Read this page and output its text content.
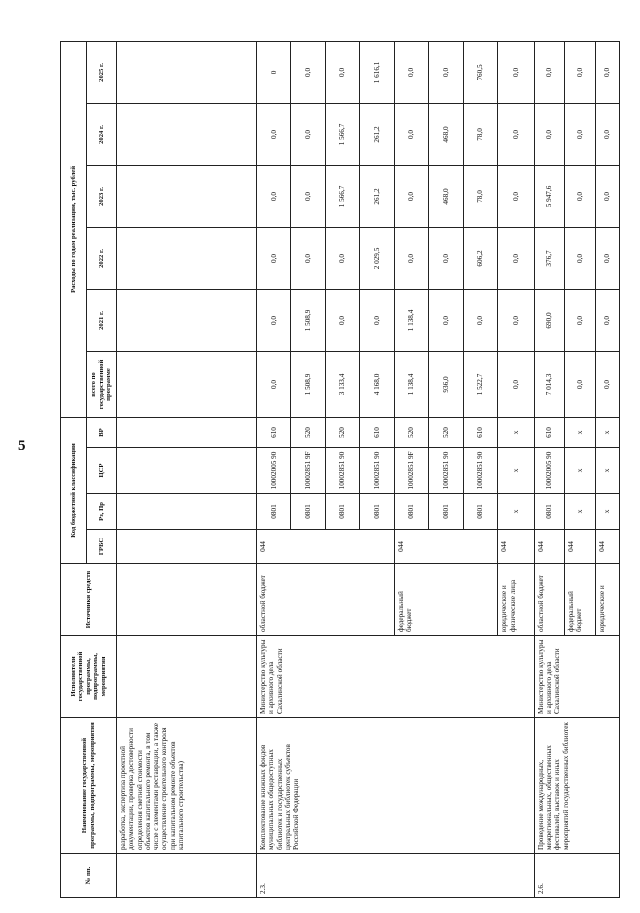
5
№ пп.	Наименование государственной программы, подпрограммы, мероприятия	Исполнители государственной программы, подпрограммы, мероприятия	Источники средств	Код бюджетной классификации				Расходы по годам реализации, тыс. рублей					
				ГРБС	Рз, Пр	ЦСР	ВР	всего по государственной программе	2021 г.	2022 г.	2023 г.	2024 г.	2025 г.
	разработка, экспертиза проектной документации, проверка достоверности определения сметной стоимости объектов капитального ремонта, в том числе с элементами реставрации, а также осуществление строительного контроля при капитальном ремонте объектов капитального строительства)												
2.3.	Комплектование книжных фондов муниципальных общедоступных библиотек и государственных центральных библиотек субъектов Российской Федерации	Министерство культуры и архивного дела Сахалинской области	областной бюджет	044	0801	10002005 90	610	0,0	0,0	0,0	0,0	0,0	0
					0801	10002851 9F	520	1 508,9	1 508,9	0,0	0,0	0,0	0,0
					0801	10002851 90	520	3 133,4	0,0	0,0	1 566,7	1 566,7	0,0
					0801	10002851 90	610	4 168,0	0,0	2 029,5	261,2	261,2	1 616,1
			федеральный бюджет	044	0801	10002851 9F	520	1 138,4	1 138,4	0,0	0,0	0,0	0,0
					0801	10002851 90	520	936,0	0,0	0,0	468,0	468,0	0,0
					0801	10002851 90	610	1 522,7	0,0	606,2	78,0	78,0	760,5
			юридические и физические лица	044	x	x	x	0,0	0,0	0,0	0,0	0,0	0,0
2.6.	Проведение международных, межрегиональных, общественных фестивалей, выставок и иных мероприятий государственных библиотек	Министерство культуры и архивного дела Сахалинской области	областной бюджет	044	0801	10002005 90	610	7 014,3	690,0	376,7	5 947,6	0,0	0,0
			федеральный бюджет	044	x	x	x	0,0	0,0	0,0	0,0	0,0	0,0
			юридические и	044	x	x	x	0,0	0,0	0,0	0,0	0,0	0,0
